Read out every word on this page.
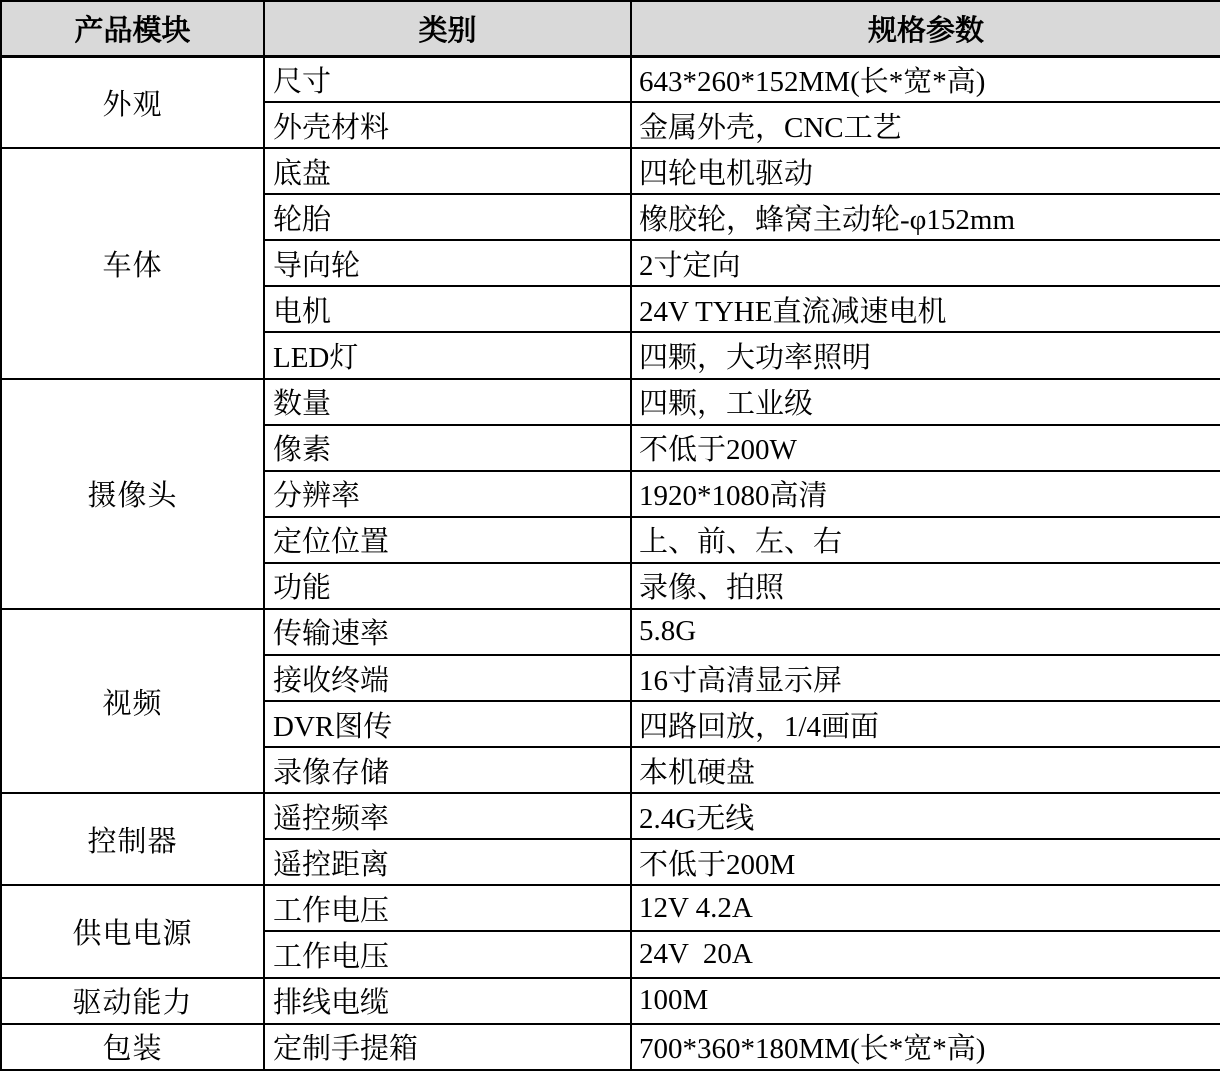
产品模块	类别	规格参数
外观	尺寸	643*260*152MM(长*宽*高)
	外壳材料	金属外壳，CNC工艺
车体	底盘	四轮电机驱动
	轮胎	橡胶轮，蜂窝主动轮-φ152mm
	导向轮	2寸定向
	电机	24V TYHE直流减速电机
	LED灯	四颗，大功率照明
摄像头	数量	四颗，工业级
	像素	不低于200W
	分辨率	1920*1080高清
	定位位置	上、前、左、右
	功能	录像、拍照
视频	传输速率	5.8G
	接收终端	16寸高清显示屏
	DVR图传	四路回放，1/4画面
	录像存储	本机硬盘
控制器	遥控频率	2.4G无线
	遥控距离	不低于200M
供电电源	工作电压	12V 4.2A
	工作电压	24V  20A
驱动能力	排线电缆	100M
包装	定制手提箱	700*360*180MM(长*宽*高)
